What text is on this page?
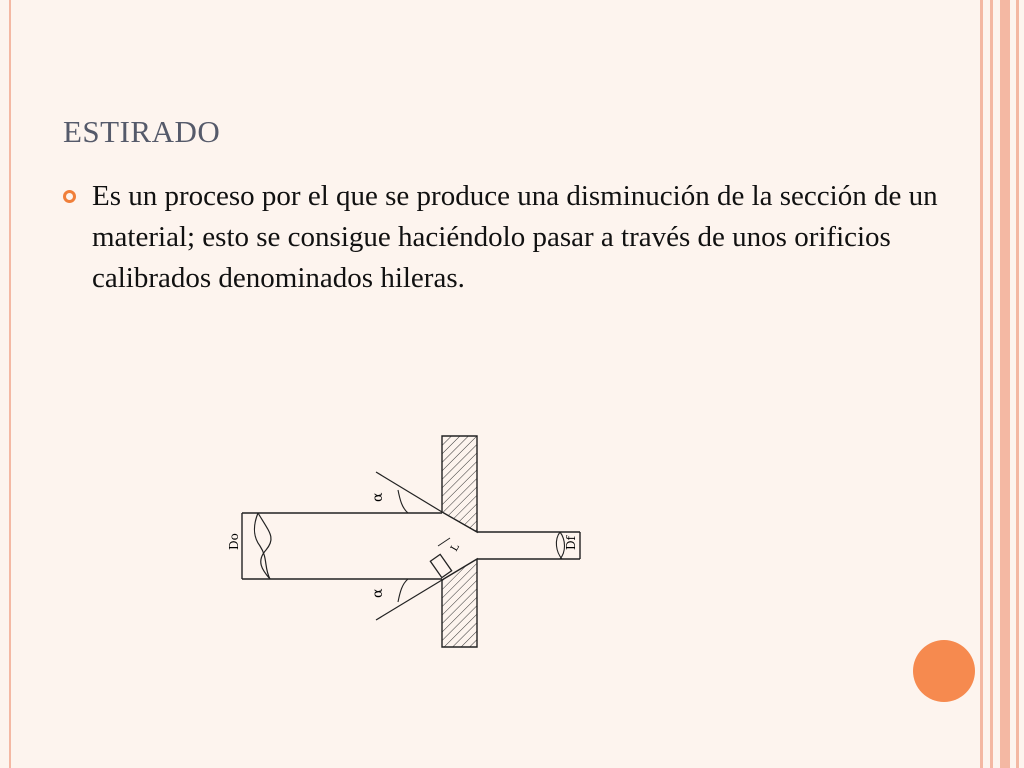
ESTIRADO
Es un proceso por el que se produce una disminución de la sección de un material; esto se consigue haciéndolo pasar a través de unos orificios calibrados denominados hileras.
Do	Df
α
α
L
